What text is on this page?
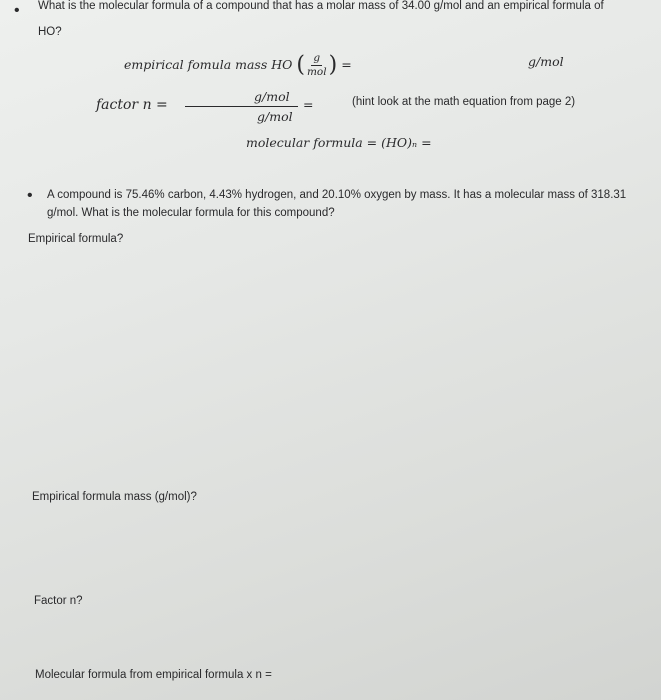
• What is the molecular formula of a compound that has a molar mass of 34.00 g/mol and an empirical formula of
HO?
empirical fomula mass HO ( $\frac{g}{\text{mol}}$ ) =	g/mol
factor n =
g/mol
g/mol
=	(hint look at the math equation from page 2)
molecular formula = (HO)ₙ =
• A compound is 75.46% carbon, 4.43% hydrogen, and 20.10% oxygen by mass. It has a molecular mass of 318.31
g/mol. What is the molecular formula for this compound?
Empirical formula?
Empirical formula mass (g/mol)?
Factor n?
Molecular formula from empirical formula x n =
